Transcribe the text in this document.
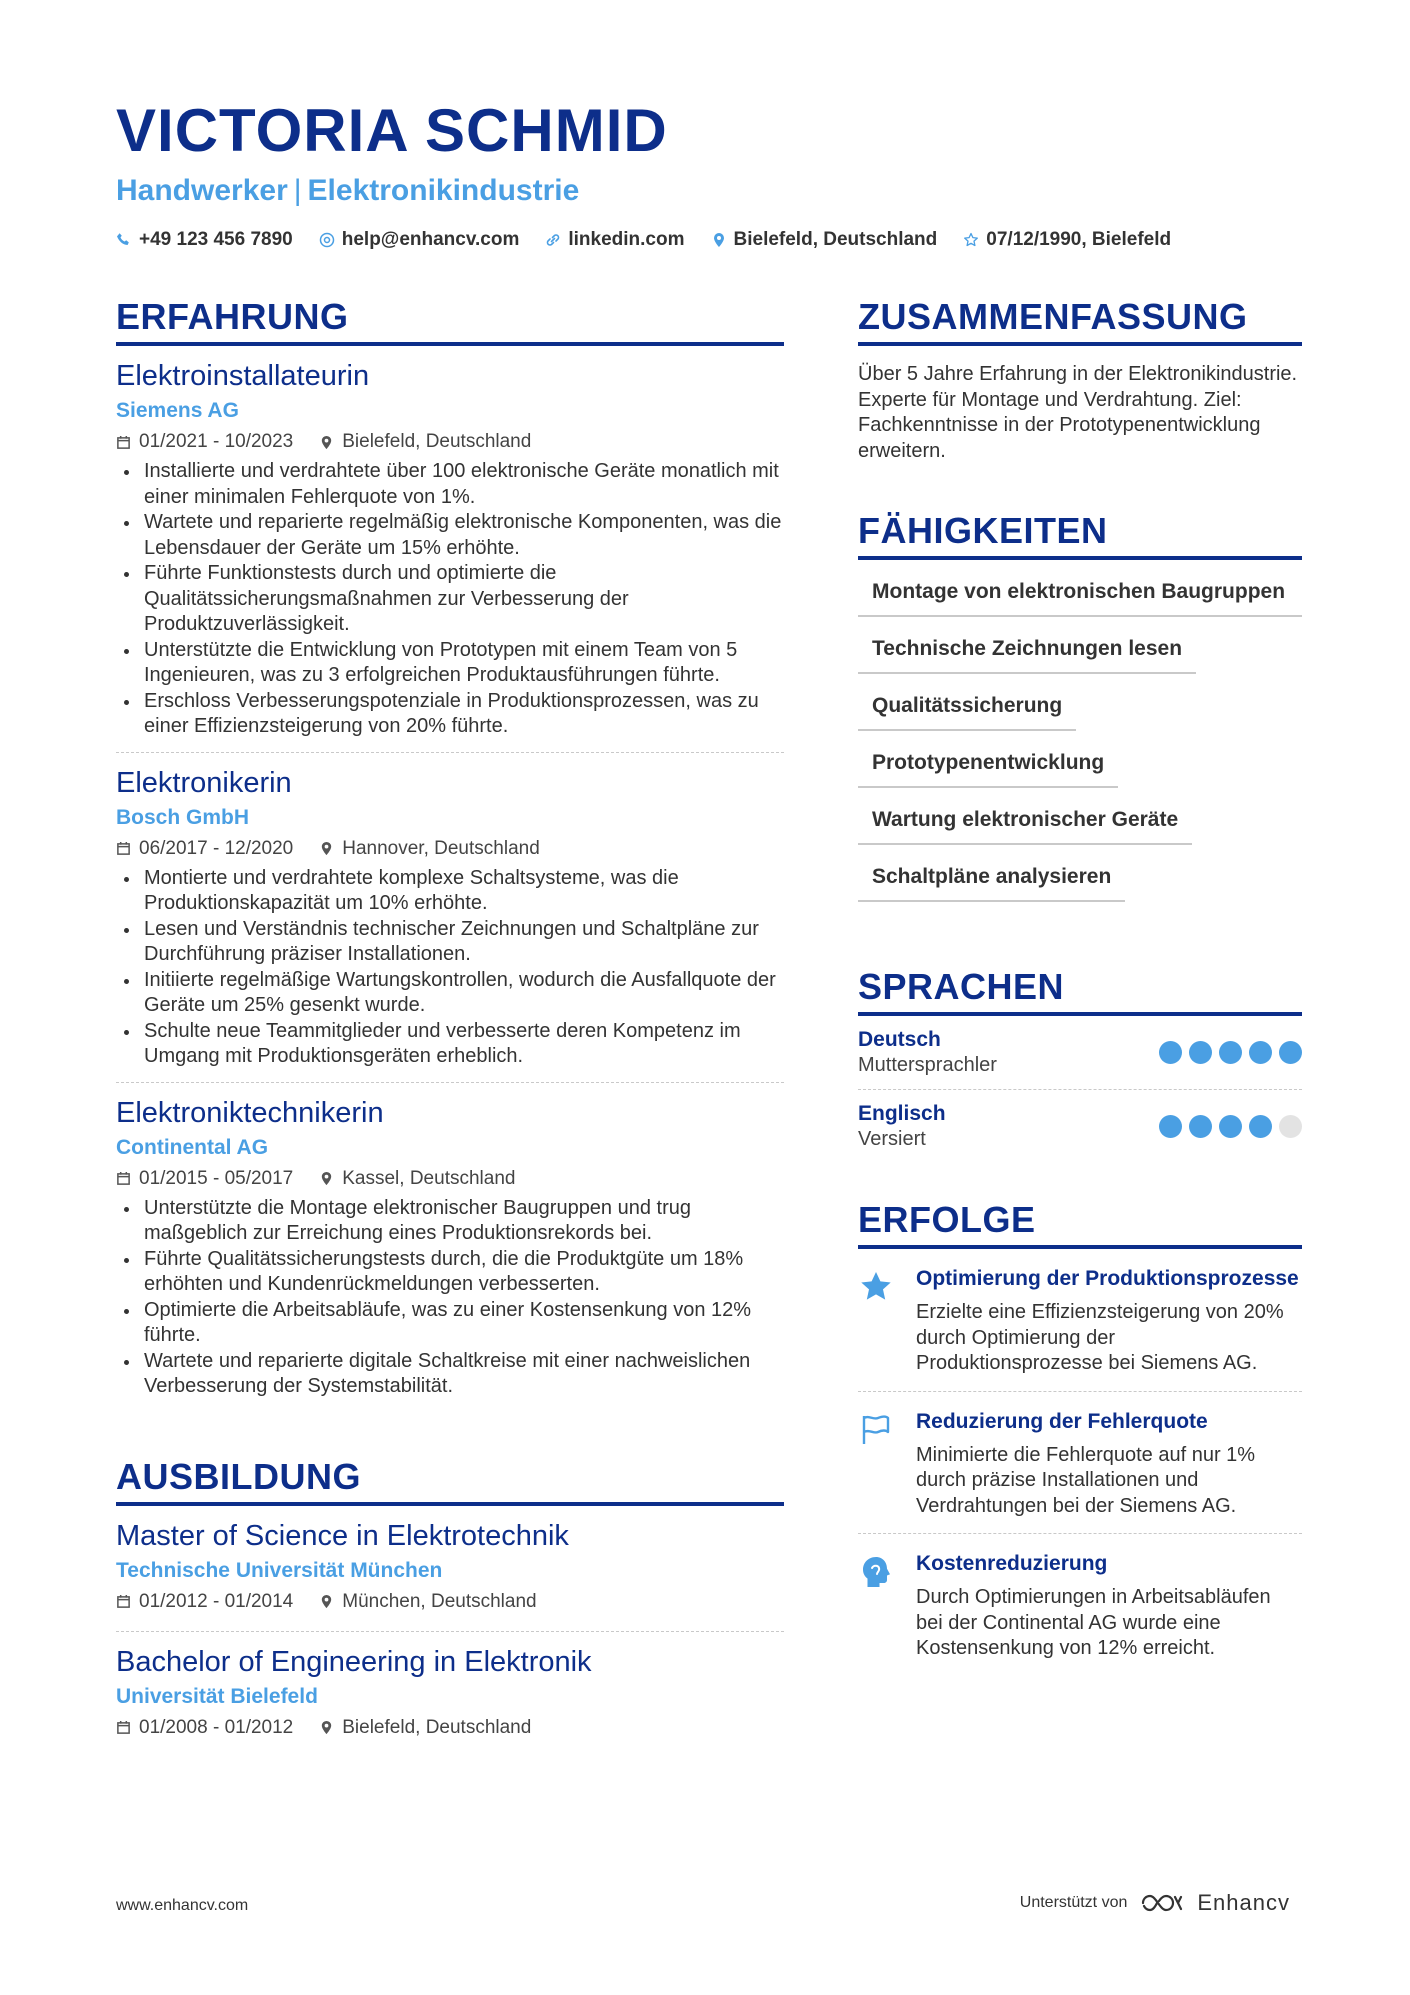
VICTORIA SCHMID
Handwerker | Elektronikindustrie
+49 123 456 7890	help@enhancv.com	linkedin.com	Bielefeld, Deutschland	07/12/1990, Bielefeld
ERFAHRUNG
Elektroinstallateurin
Siemens AG
01/2021 - 10/2023	Bielefeld, Deutschland
Installierte und verdrahtete über 100 elektronische Geräte monatlich mit einer minimalen Fehlerquote von 1%.
Wartete und reparierte regelmäßig elektronische Komponenten, was die Lebensdauer der Geräte um 15% erhöhte.
Führte Funktionstests durch und optimierte die Qualitätssicherungsmaßnahmen zur Verbesserung der Produktzuverlässigkeit.
Unterstützte die Entwicklung von Prototypen mit einem Team von 5 Ingenieuren, was zu 3 erfolgreichen Produktausführungen führte.
Erschloss Verbesserungspotenziale in Produktionsprozessen, was zu einer Effizienzsteigerung von 20% führte.
Elektronikerin
Bosch GmbH
06/2017 - 12/2020	Hannover, Deutschland
Montierte und verdrahtete komplexe Schaltsysteme, was die Produktionskapazität um 10% erhöhte.
Lesen und Verständnis technischer Zeichnungen und Schaltpläne zur Durchführung präziser Installationen.
Initiierte regelmäßige Wartungskontrollen, wodurch die Ausfallquote der Geräte um 25% gesenkt wurde.
Schulte neue Teammitglieder und verbesserte deren Kompetenz im Umgang mit Produktionsgeräten erheblich.
Elektroniktechnikerin
Continental AG
01/2015 - 05/2017	Kassel, Deutschland
Unterstützte die Montage elektronischer Baugruppen und trug maßgeblich zur Erreichung eines Produktionsrekords bei.
Führte Qualitätssicherungstests durch, die die Produktgüte um 18% erhöhten und Kundenrückmeldungen verbesserten.
Optimierte die Arbeitsabläufe, was zu einer Kostensenkung von 12% führte.
Wartete und reparierte digitale Schaltkreise mit einer nachweislichen Verbesserung der Systemstabilität.
AUSBILDUNG
Master of Science in Elektrotechnik
Technische Universität München
01/2012 - 01/2014	München, Deutschland
Bachelor of Engineering in Elektronik
Universität Bielefeld
01/2008 - 01/2012	Bielefeld, Deutschland
ZUSAMMENFASSUNG
Über 5 Jahre Erfahrung in der Elektronikindustrie. Experte für Montage und Verdrahtung. Ziel: Fachkenntnisse in der Prototypenentwicklung erweitern.
FÄHIGKEITEN
Montage von elektronischen Baugruppen
Technische Zeichnungen lesen
Qualitätssicherung
Prototypenentwicklung
Wartung elektronischer Geräte
Schaltpläne analysieren
SPRACHEN
Deutsch
Muttersprachler
Englisch
Versiert
ERFOLGE
Optimierung der Produktionsprozesse
Erzielte eine Effizienzsteigerung von 20% durch Optimierung der Produktionsprozesse bei Siemens AG.
Reduzierung der Fehlerquote
Minimierte die Fehlerquote auf nur 1% durch präzise Installationen und Verdrahtungen bei der Siemens AG.
Kostenreduzierung
Durch Optimierungen in Arbeitsabläufen bei der Continental AG wurde eine Kostensenkung von 12% erreicht.
www.enhancv.com	Unterstützt von	Enhancv
